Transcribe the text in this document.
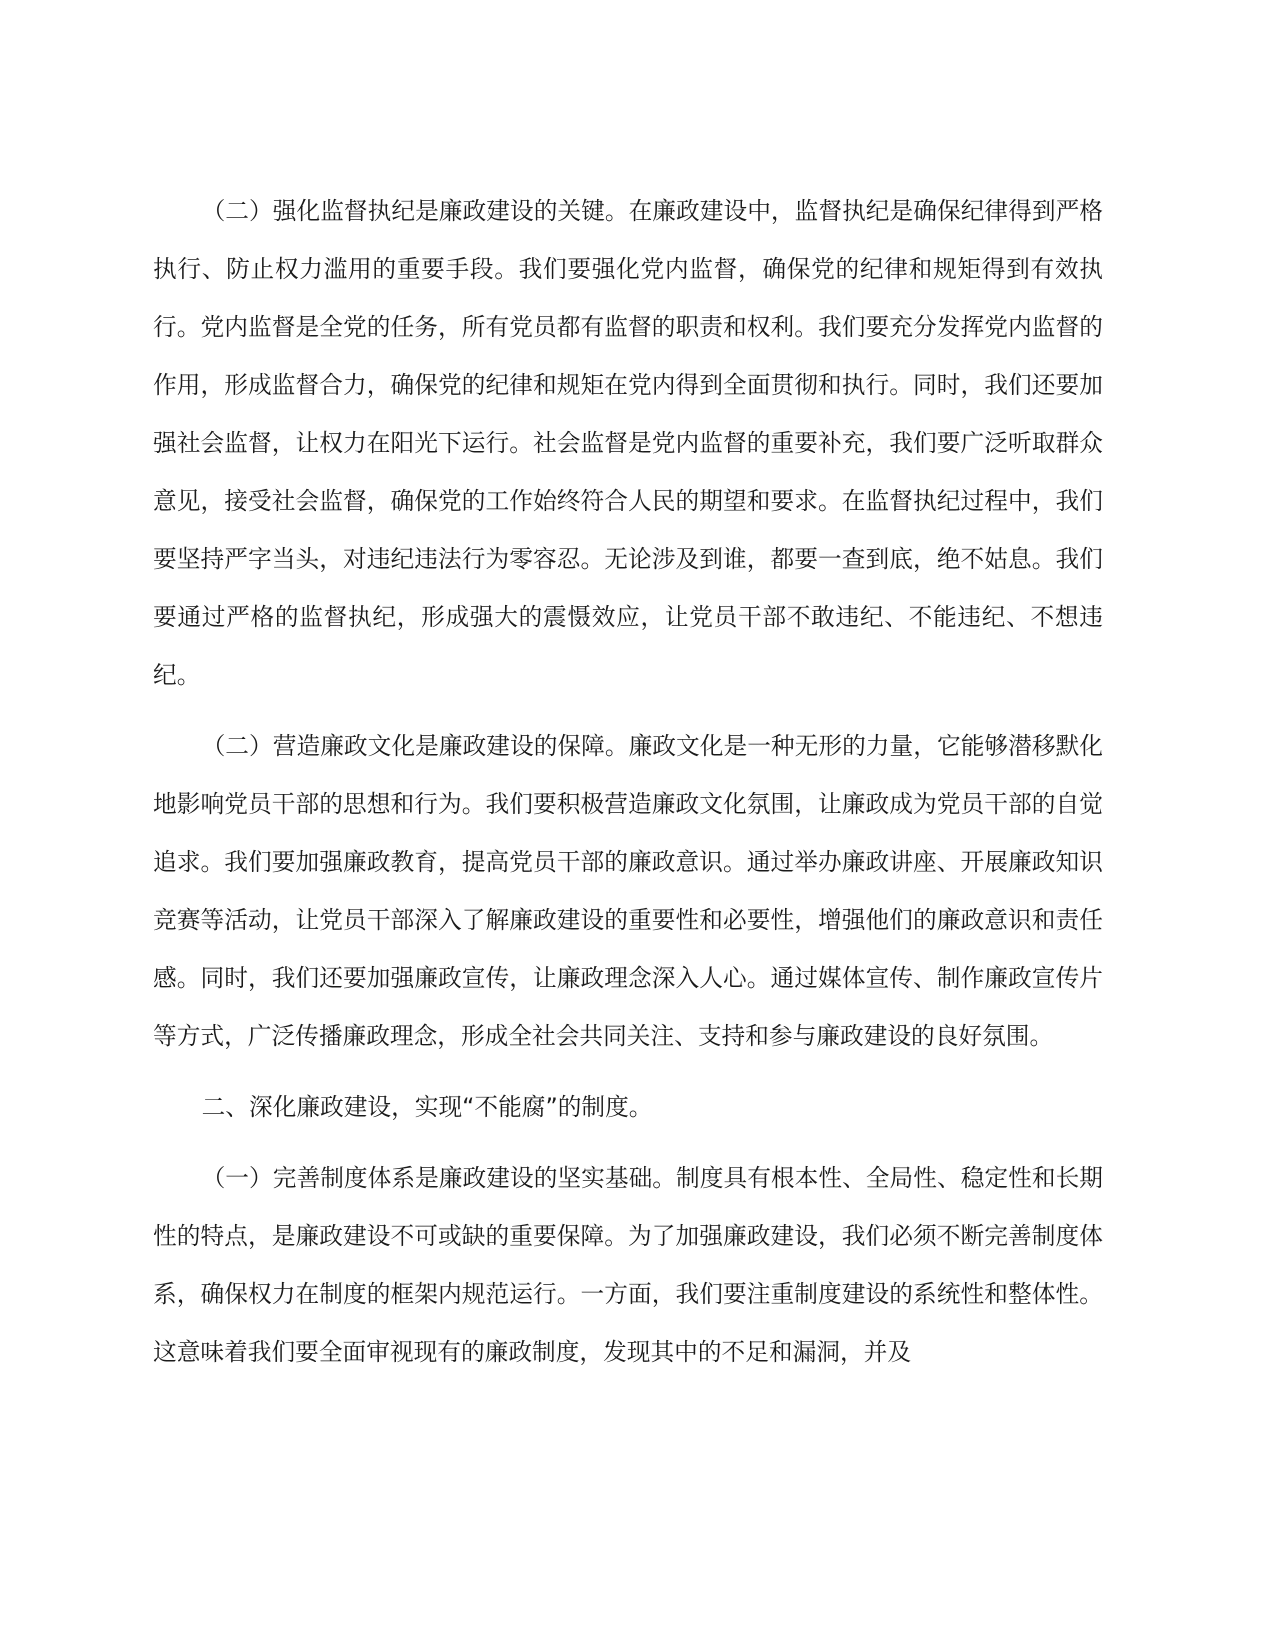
（二）强化监督执纪是廉政建设的关键。在廉政建设中，监督执纪是确保纪律得到严格执行、防止权力滥用的重要手段。我们要强化党内监督，确保党的纪律和规矩得到有效执行。党内监督是全党的任务，所有党员都有监督的职责和权利。我们要充分发挥党内监督的作用，形成监督合力，确保党的纪律和规矩在党内得到全面贯彻和执行。同时，我们还要加强社会监督，让权力在阳光下运行。社会监督是党内监督的重要补充，我们要广泛听取群众意见，接受社会监督，确保党的工作始终符合人民的期望和要求。在监督执纪过程中，我们要坚持严字当头，对违纪违法行为零容忍。无论涉及到谁，都要一查到底，绝不姑息。我们要通过严格的监督执纪，形成强大的震慑效应，让党员干部不敢违纪、不能违纪、不想违纪。

（二）营造廉政文化是廉政建设的保障。廉政文化是一种无形的力量，它能够潜移默化地影响党员干部的思想和行为。我们要积极营造廉政文化氛围，让廉政成为党员干部的自觉追求。我们要加强廉政教育，提高党员干部的廉政意识。通过举办廉政讲座、开展廉政知识竞赛等活动，让党员干部深入了解廉政建设的重要性和必要性，增强他们的廉政意识和责任感。同时，我们还要加强廉政宣传，让廉政理念深入人心。通过媒体宣传、制作廉政宣传片等方式，广泛传播廉政理念，形成全社会共同关注、支持和参与廉政建设的良好氛围。

二、深化廉政建设，实现“不能腐”的制度。

（一）完善制度体系是廉政建设的坚实基础。制度具有根本性、全局性、稳定性和长期性的特点，是廉政建设不可或缺的重要保障。为了加强廉政建设，我们必须不断完善制度体系，确保权力在制度的框架内规范运行。一方面，我们要注重制度建设的系统性和整体性。这意味着我们要全面审视现有的廉政制度，发现其中的不足和漏洞，并及
